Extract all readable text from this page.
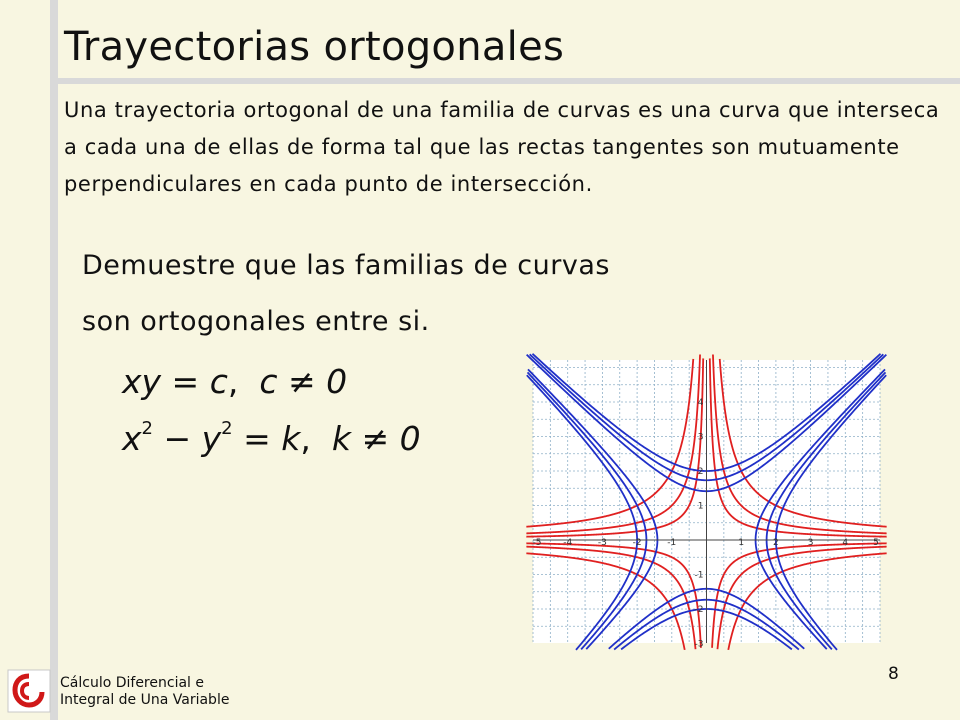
Trayectorias ortogonales

Una trayectoria ortogonal de una familia de curvas es una curva que interseca a cada una de ellas de forma tal que las rectas tangentes son mutuamente perpendiculares en cada punto de intersección.

Demuestre que las familias de curvas
son ortogonales entre si.
xy = c,  c ≠ 0
$x^2 - y^2 = k$,  k ≠ 0
-5 -4	-3	-2	-1	1	2	3	4	5
4
3
2
1
-1
-2
-3
Cálculo Diferencial e
Integral de Una Variable
8
